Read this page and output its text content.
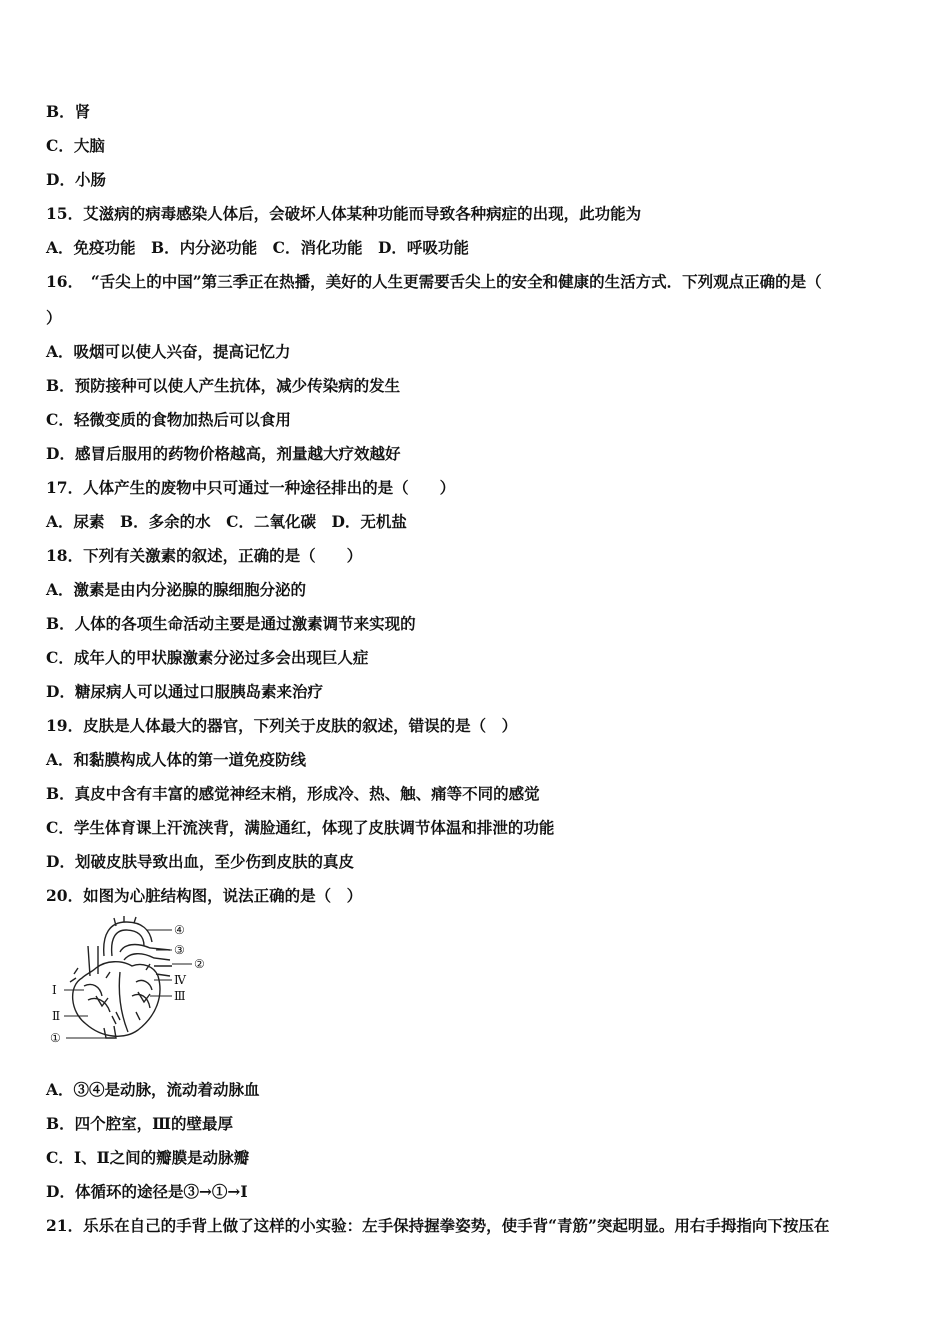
B．肾
C．大脑
D．小肠
15．艾滋病的病毒感染人体后，会破坏人体某种功能而导致各种病症的出现，此功能为
A．免疫功能　B．内分泌功能　C．消化功能　D．呼吸功能
16．　“舌尖上的中国”第三季正在热播，美好的人生更需要舌尖上的安全和健康的生活方式．下列观点正确的是（
）
A．吸烟可以使人兴奋，提高记忆力
B．预防接种可以使人产生抗体，减少传染病的发生
C．轻微变质的食物加热后可以食用
D．感冒后服用的药物价格越高，剂量越大疗效越好
17．人体产生的废物中只可通过一种途径排出的是（　　）
A．尿素　B．多余的水　C．二氧化碳　D．无机盐
18．下列有关激素的叙述，正确的是（　　）
A．激素是由内分泌腺的腺细胞分泌的
B．人体的各项生命活动主要是通过激素调节来实现的
C．成年人的甲状腺激素分泌过多会出现巨人症
D．糖尿病人可以通过口服胰岛素来治疗
19．皮肤是人体最大的器官，下列关于皮肤的叙述，错误的是（　）
A．和黏膜构成人体的第一道免疫防线
B．真皮中含有丰富的感觉神经末梢，形成冷、热、触、痛等不同的感觉
C．学生体育课上汗流浃背，满脸通红，体现了皮肤调节体温和排泄的功能
D．划破皮肤导致出血，至少伤到皮肤的真皮
20．如图为心脏结构图，说法正确的是（　）
④
③
②
Ⅳ
Ⅲ
Ⅰ
Ⅱ
①
A．③④是动脉，流动着动脉血
B．四个腔室，Ⅲ的壁最厚
C．Ⅰ、Ⅱ之间的瓣膜是动脉瓣
D．体循环的途径是③→①→Ⅰ
21．乐乐在自己的手背上做了这样的小实验：左手保持握拳姿势，使手背“青筋”突起明显。用右手拇指向下按压在
